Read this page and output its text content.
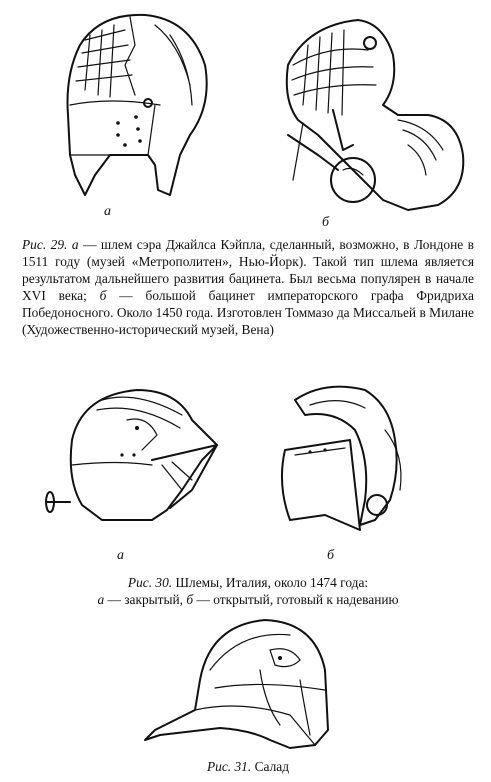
а
б
Рис. 29. а — шлем сэра Джайлса Кэйпла, сделанный, возможно, в Лондоне в 1511 году (музей «Метрополитен», Нью-Йорк). Такой тип шлема является результатом дальнейшего развития бацинета. Был весьма популярен в начале XVI века; б — большой бацинет императорского графа Фридриха Победоносного. Около 1450 года. Изготовлен Томмазо да Миссальей в Милане (Художественно-исторический музей, Вена)
а	б
Рис. 30. Шлемы, Италия, около 1474 года:
а — закрытый, б — открытый, готовый к надеванию
Рис. 31. Салад
